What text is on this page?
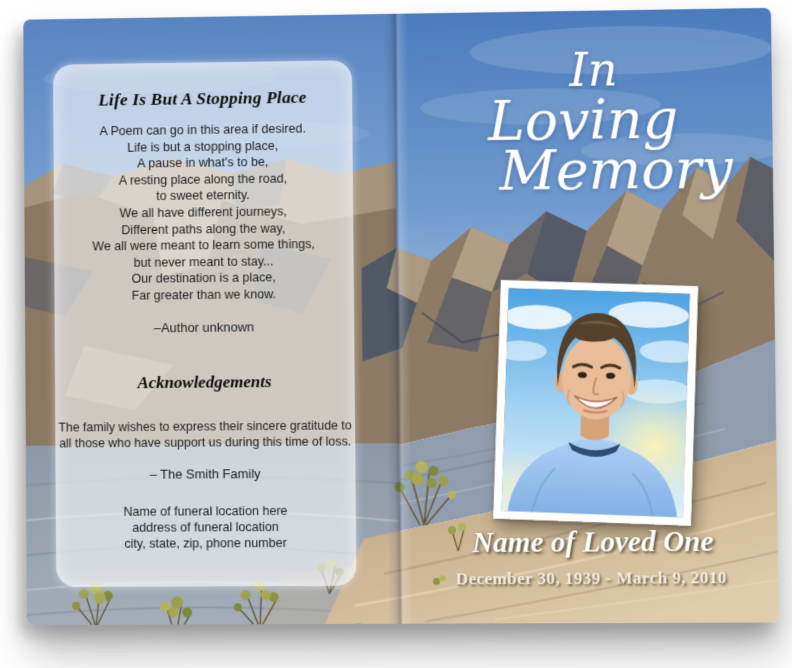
Life Is But A Stopping Place
A Poem can go in this area if desired.
Life is but a stopping place,
A pause in what's to be,
A resting place along the road,
to sweet eternity.
We all have different journeys,
Different paths along the way,
We all were meant to learn some things,
but never meant to stay...
Our destination is a place,
Far greater than we know.
–Author unknown
Acknowledgements
The family wishes to express their sincere gratitude to
all those who have support us during this time of loss.
– The Smith Family
Name of funeral location here
address of funeral location
city, state, zip, phone number
In
Loving
Memory
Name of Loved One
December 30, 1939 - March 9, 2010
